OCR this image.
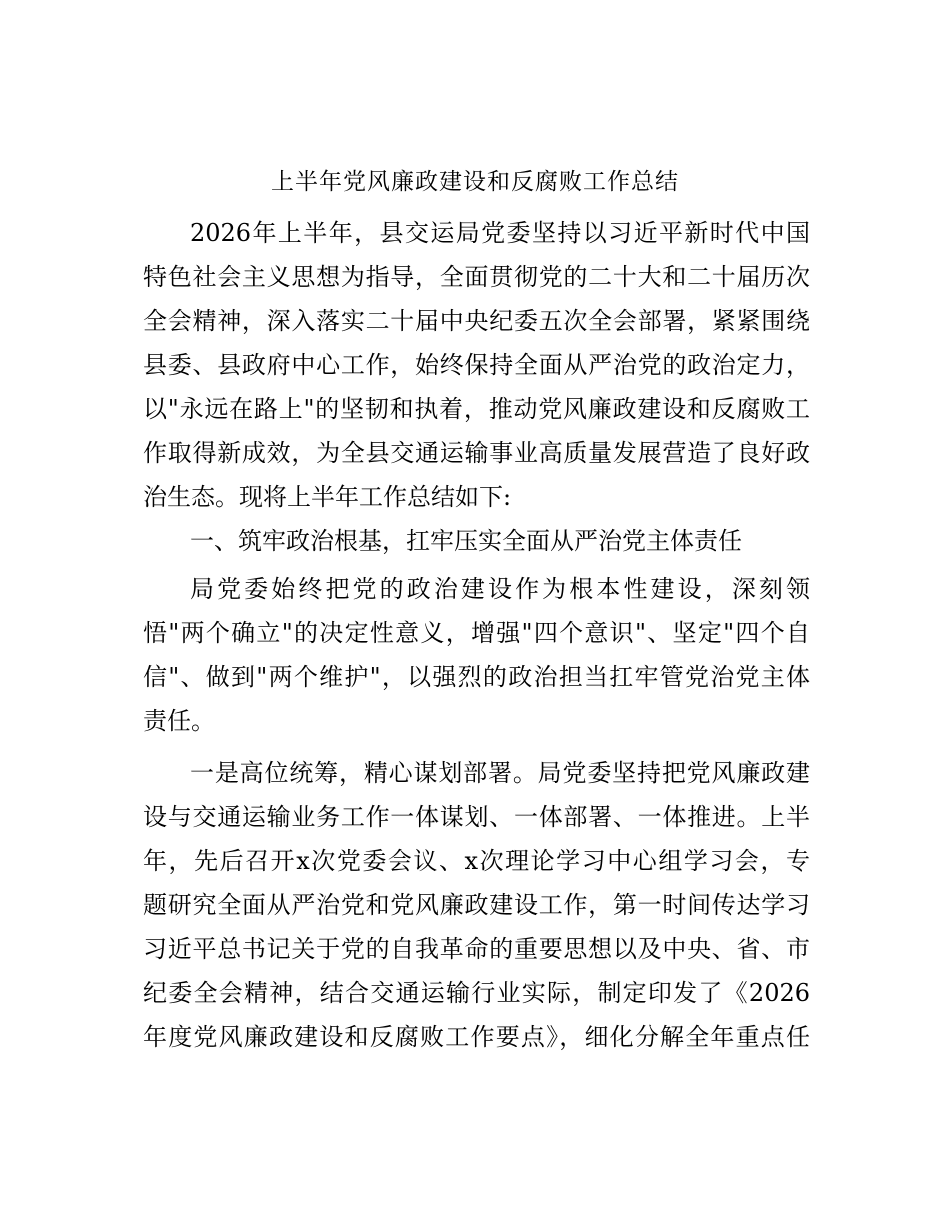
上半年党风廉政建设和反腐败工作总结
2026年上半年，县交运局党委坚持以习近平新时代中国
特色社会主义思想为指导，全面贯彻党的二十大和二十届历次
全会精神，深入落实二十届中央纪委五次全会部署，紧紧围绕
县委、县政府中心工作，始终保持全面从严治党的政治定力，
以"永远在路上"的坚韧和执着，推动党风廉政建设和反腐败工
作取得新成效，为全县交通运输事业高质量发展营造了良好政
治生态。现将上半年工作总结如下:
一、筑牢政治根基，扛牢压实全面从严治党主体责任
局党委始终把党的政治建设作为根本性建设，深刻领
悟"两个确立"的决定性意义，增强"四个意识"、坚定"四个自
信"、做到"两个维护"，以强烈的政治担当扛牢管党治党主体
责任。
一是高位统筹，精心谋划部署。局党委坚持把党风廉政建
设与交通运输业务工作一体谋划、一体部署、一体推进。上半
年，先后召开x次党委会议、x次理论学习中心组学习会，专
题研究全面从严治党和党风廉政建设工作，第一时间传达学习
习近平总书记关于党的自我革命的重要思想以及中央、省、市
纪委全会精神，结合交通运输行业实际，制定印发了《2026
年度党风廉政建设和反腐败工作要点》，细化分解全年重点任
